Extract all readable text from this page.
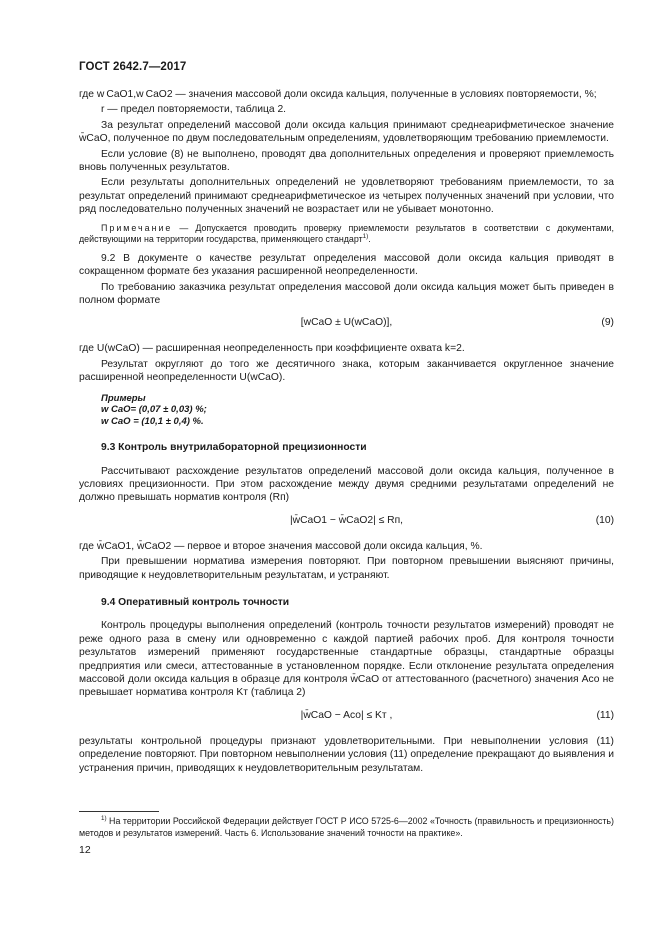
ГОСТ 2642.7—2017

где w CaO1,w CaO2 — значения массовой доли оксида кальция, полученные в условиях повторяемости, %;

r — предел повторяемости, таблица 2.

За результат определений массовой доли оксида кальция принимают среднеарифметическое значение w̄CaO, полученное по двум последовательным определениям, удовлетворяющим требованию приемлемости.

Если условие (8) не выполнено, проводят два дополнительных определения и проверяют приемлемость вновь полученных результатов.

Если результаты дополнительных определений не удовлетворяют требованиям приемлемости, то за результат определений принимают среднеарифметическое из четырех полученных значений при условии, что ряд последовательно полученных значений не возрастает или не убывает монотонно.

Примечание — Допускается проводить проверку приемлемости результатов в соответствии с документами, действующими на территории государства, применяющего стандарт$^{1)}$.

9.2 В документе о качестве результат определения массовой доли оксида кальция приводят в сокращенном формате без указания расширенной неопределенности.

По требованию заказчика результат определения массовой доли оксида кальция может быть приведен в полном формате

[wCaO ± U(wCaO)],	(9)

где U(wCaO) — расширенная неопределенность при коэффициенте охвата k=2.

Результат округляют до того же десятичного знака, которым заканчивается округленное значение расширенной неопределенности U(wCaO).

Примеры

w CaO= (0,07 ± 0,03) %;

w CaO = (10,1 ± 0,4) %.

9.3 Контроль внутрилабораторной прецизионности

Рассчитывают расхождение результатов определений массовой доли оксида кальция, полученное в условиях прецизионности. При этом расхождение между двумя средними результатами определений не должно превышать норматив контроля (Rп)

|w̄CaO1 − w̄CaO2| ≤ Rп,	(10)

где w̄CaO1, w̄CaO2 — первое и второе значения массовой доли оксида кальция, %.

При превышении норматива измерения повторяют. При повторном превышении выясняют причины, приводящие к неудовлетворительным результатам, и устраняют.

9.4 Оперативный контроль точности

Контроль процедуры выполнения определений (контроль точности результатов измерений) проводят не реже одного раза в смену или одновременно с каждой партией рабочих проб. Для контроля точности результатов измерений применяют государственные стандартные образцы, стандартные образцы предприятия или смеси, аттестованные в установленном порядке. Если отклонение результата определения массовой доли оксида кальция в образце для контроля w̄CaO от аттестованного (расчетного) значения Aсо не превышает норматива контроля Kт (таблица 2)

|w̄CaO − Aсо| ≤ Kт ,	(11)

результаты контрольной процедуры признают удовлетворительными. При невыполнении условия (11) определение повторяют. При повторном невыполнении условия (11) определение прекращают до выявления и устранения причин, приводящих к неудовлетворительным результатам.

$^{1)}$ На территории Российской Федерации действует ГОСТ Р ИСО 5725-6—2002 «Точность (правильность и прецизионность) методов и результатов измерений. Часть 6. Использование значений точности на практике».
12
